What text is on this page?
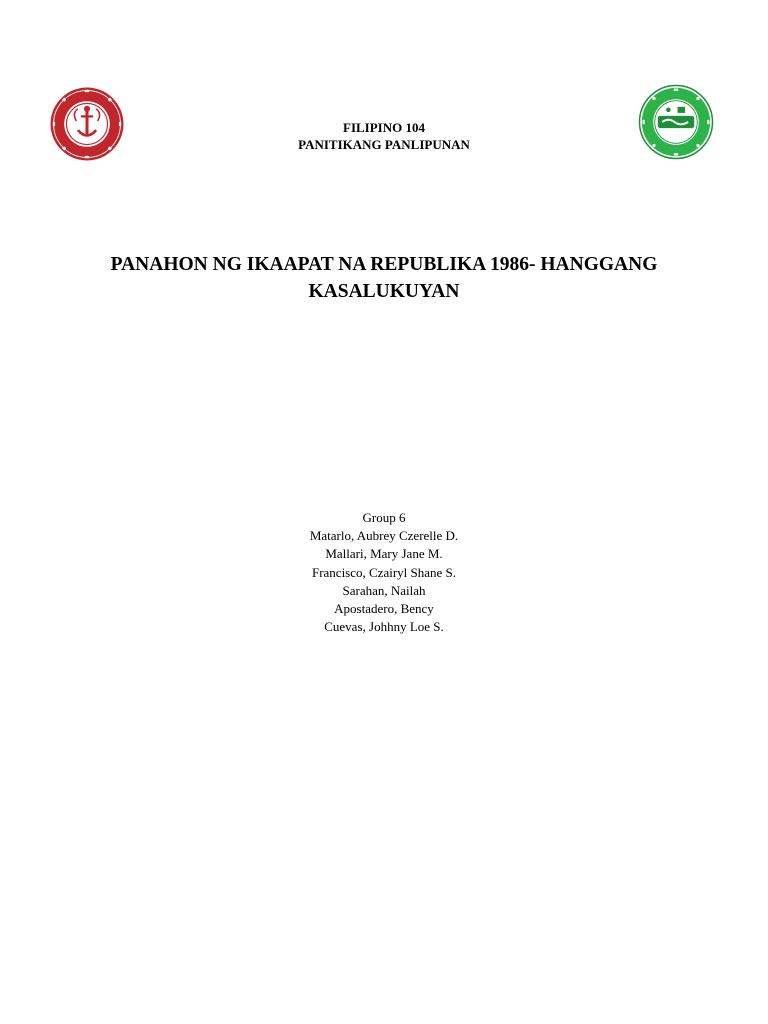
FILIPINO 104
PANITIKANG PANLIPUNAN
PANAHON NG IKAAPAT NA REPUBLIKA 1986- HANGGANG
KASALUKUYAN
Group 6
Matarlo, Aubrey Czerelle D.
Mallari, Mary Jane M.
Francisco, Czairyl Shane S.
Sarahan, Nailah
Apostadero, Bency
Cuevas, Johhny Loe S.
